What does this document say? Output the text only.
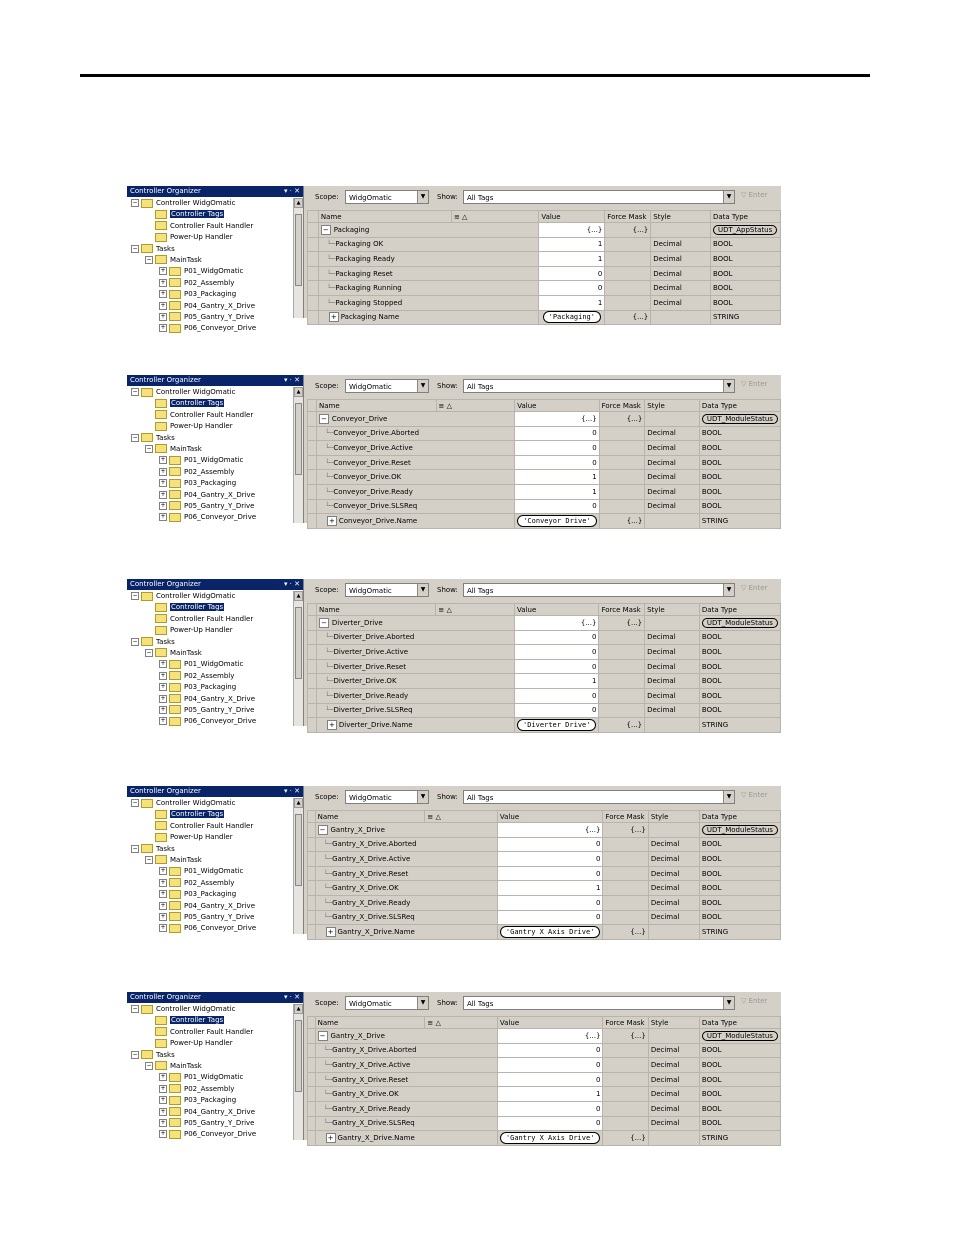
Controller Organizer	▾ · ✕
−	Controller WidgOmatic
Controller Tags
Controller Fault Handler
Power-Up Handler
−	Tasks
−	MainTask
+	P01_WidgOmatic
+	P02_Assembly
+	P03_Packaging
+	P04_Gantry_X_Drive
+	P05_Gantry_Y_Drive
+	P06_Conveyor_Drive
▲
Scope:	WidgOmatic	▼	Show:	All Tags	▼	▽ Enter
	Name	≡ △	Value	Force Mask	Style	Data Type
	− Packaging		{...}	{...}		UDT_AppStatus
	└─Packaging OK		1		Decimal	BOOL
	└─Packaging Ready		1		Decimal	BOOL
	└─Packaging Reset		0		Decimal	BOOL
	└─Packaging Running		0		Decimal	BOOL
	└─Packaging Stopped		1		Decimal	BOOL
	+ Packaging Name		'Packaging'	{...}		STRING
Controller Organizer	▾ · ✕
−	Controller WidgOmatic
Controller Tags
Controller Fault Handler
Power-Up Handler
−	Tasks
−	MainTask
+	P01_WidgOmatic
+	P02_Assembly
+	P03_Packaging
+	P04_Gantry_X_Drive
+	P05_Gantry_Y_Drive
+	P06_Conveyor_Drive
▲
Scope:	WidgOmatic	▼	Show:	All Tags	▼	▽ Enter
	Name	≡ △	Value	Force Mask	Style	Data Type
	− Conveyor_Drive		{...}	{...}		UDT_ModuleStatus
	└─Conveyor_Drive.Aborted		0		Decimal	BOOL
	└─Conveyor_Drive.Active		0		Decimal	BOOL
	└─Conveyor_Drive.Reset		0		Decimal	BOOL
	└─Conveyor_Drive.OK		1		Decimal	BOOL
	└─Conveyor_Drive.Ready		1		Decimal	BOOL
	└─Conveyor_Drive.SLSReq		0		Decimal	BOOL
	+ Conveyor_Drive.Name		'Conveyor Drive'	{...}		STRING
Controller Organizer	▾ · ✕
−	Controller WidgOmatic
Controller Tags
Controller Fault Handler
Power-Up Handler
−	Tasks
−	MainTask
+	P01_WidgOmatic
+	P02_Assembly
+	P03_Packaging
+	P04_Gantry_X_Drive
+	P05_Gantry_Y_Drive
+	P06_Conveyor_Drive
▲
Scope:	WidgOmatic	▼	Show:	All Tags	▼	▽ Enter
	Name	≡ △	Value	Force Mask	Style	Data Type
	− Diverter_Drive		{...}	{...}		UDT_ModuleStatus
	└─Diverter_Drive.Aborted		0		Decimal	BOOL
	└─Diverter_Drive.Active		0		Decimal	BOOL
	└─Diverter_Drive.Reset		0		Decimal	BOOL
	└─Diverter_Drive.OK		1		Decimal	BOOL
	└─Diverter_Drive.Ready		0		Decimal	BOOL
	└─Diverter_Drive.SLSReq		0		Decimal	BOOL
	+ Diverter_Drive.Name		'Diverter Drive'	{...}		STRING
Controller Organizer	▾ · ✕
−	Controller WidgOmatic
Controller Tags
Controller Fault Handler
Power-Up Handler
−	Tasks
−	MainTask
+	P01_WidgOmatic
+	P02_Assembly
+	P03_Packaging
+	P04_Gantry_X_Drive
+	P05_Gantry_Y_Drive
+	P06_Conveyor_Drive
▲
Scope:	WidgOmatic	▼	Show:	All Tags	▼	▽ Enter
	Name	≡ △	Value	Force Mask	Style	Data Type
	− Gantry_X_Drive		{...}	{...}		UDT_ModuleStatus
	└─Gantry_X_Drive.Aborted		0		Decimal	BOOL
	└─Gantry_X_Drive.Active		0		Decimal	BOOL
	└─Gantry_X_Drive.Reset		0		Decimal	BOOL
	└─Gantry_X_Drive.OK		1		Decimal	BOOL
	└─Gantry_X_Drive.Ready		0		Decimal	BOOL
	└─Gantry_X_Drive.SLSReq		0		Decimal	BOOL
	+ Gantry_X_Drive.Name		'Gantry X Axis Drive'	{...}		STRING
Controller Organizer	▾ · ✕
−	Controller WidgOmatic
Controller Tags
Controller Fault Handler
Power-Up Handler
−	Tasks
−	MainTask
+	P01_WidgOmatic
+	P02_Assembly
+	P03_Packaging
+	P04_Gantry_X_Drive
+	P05_Gantry_Y_Drive
+	P06_Conveyor_Drive
▲
Scope:	WidgOmatic	▼	Show:	All Tags	▼	▽ Enter
	Name	≡ △	Value	Force Mask	Style	Data Type
	− Gantry_X_Drive		{...}	{...}		UDT_ModuleStatus
	└─Gantry_X_Drive.Aborted		0		Decimal	BOOL
	└─Gantry_X_Drive.Active		0		Decimal	BOOL
	└─Gantry_X_Drive.Reset		0		Decimal	BOOL
	└─Gantry_X_Drive.OK		1		Decimal	BOOL
	└─Gantry_X_Drive.Ready		0		Decimal	BOOL
	└─Gantry_X_Drive.SLSReq		0		Decimal	BOOL
	+ Gantry_X_Drive.Name		'Gantry X Axis Drive'	{...}		STRING
